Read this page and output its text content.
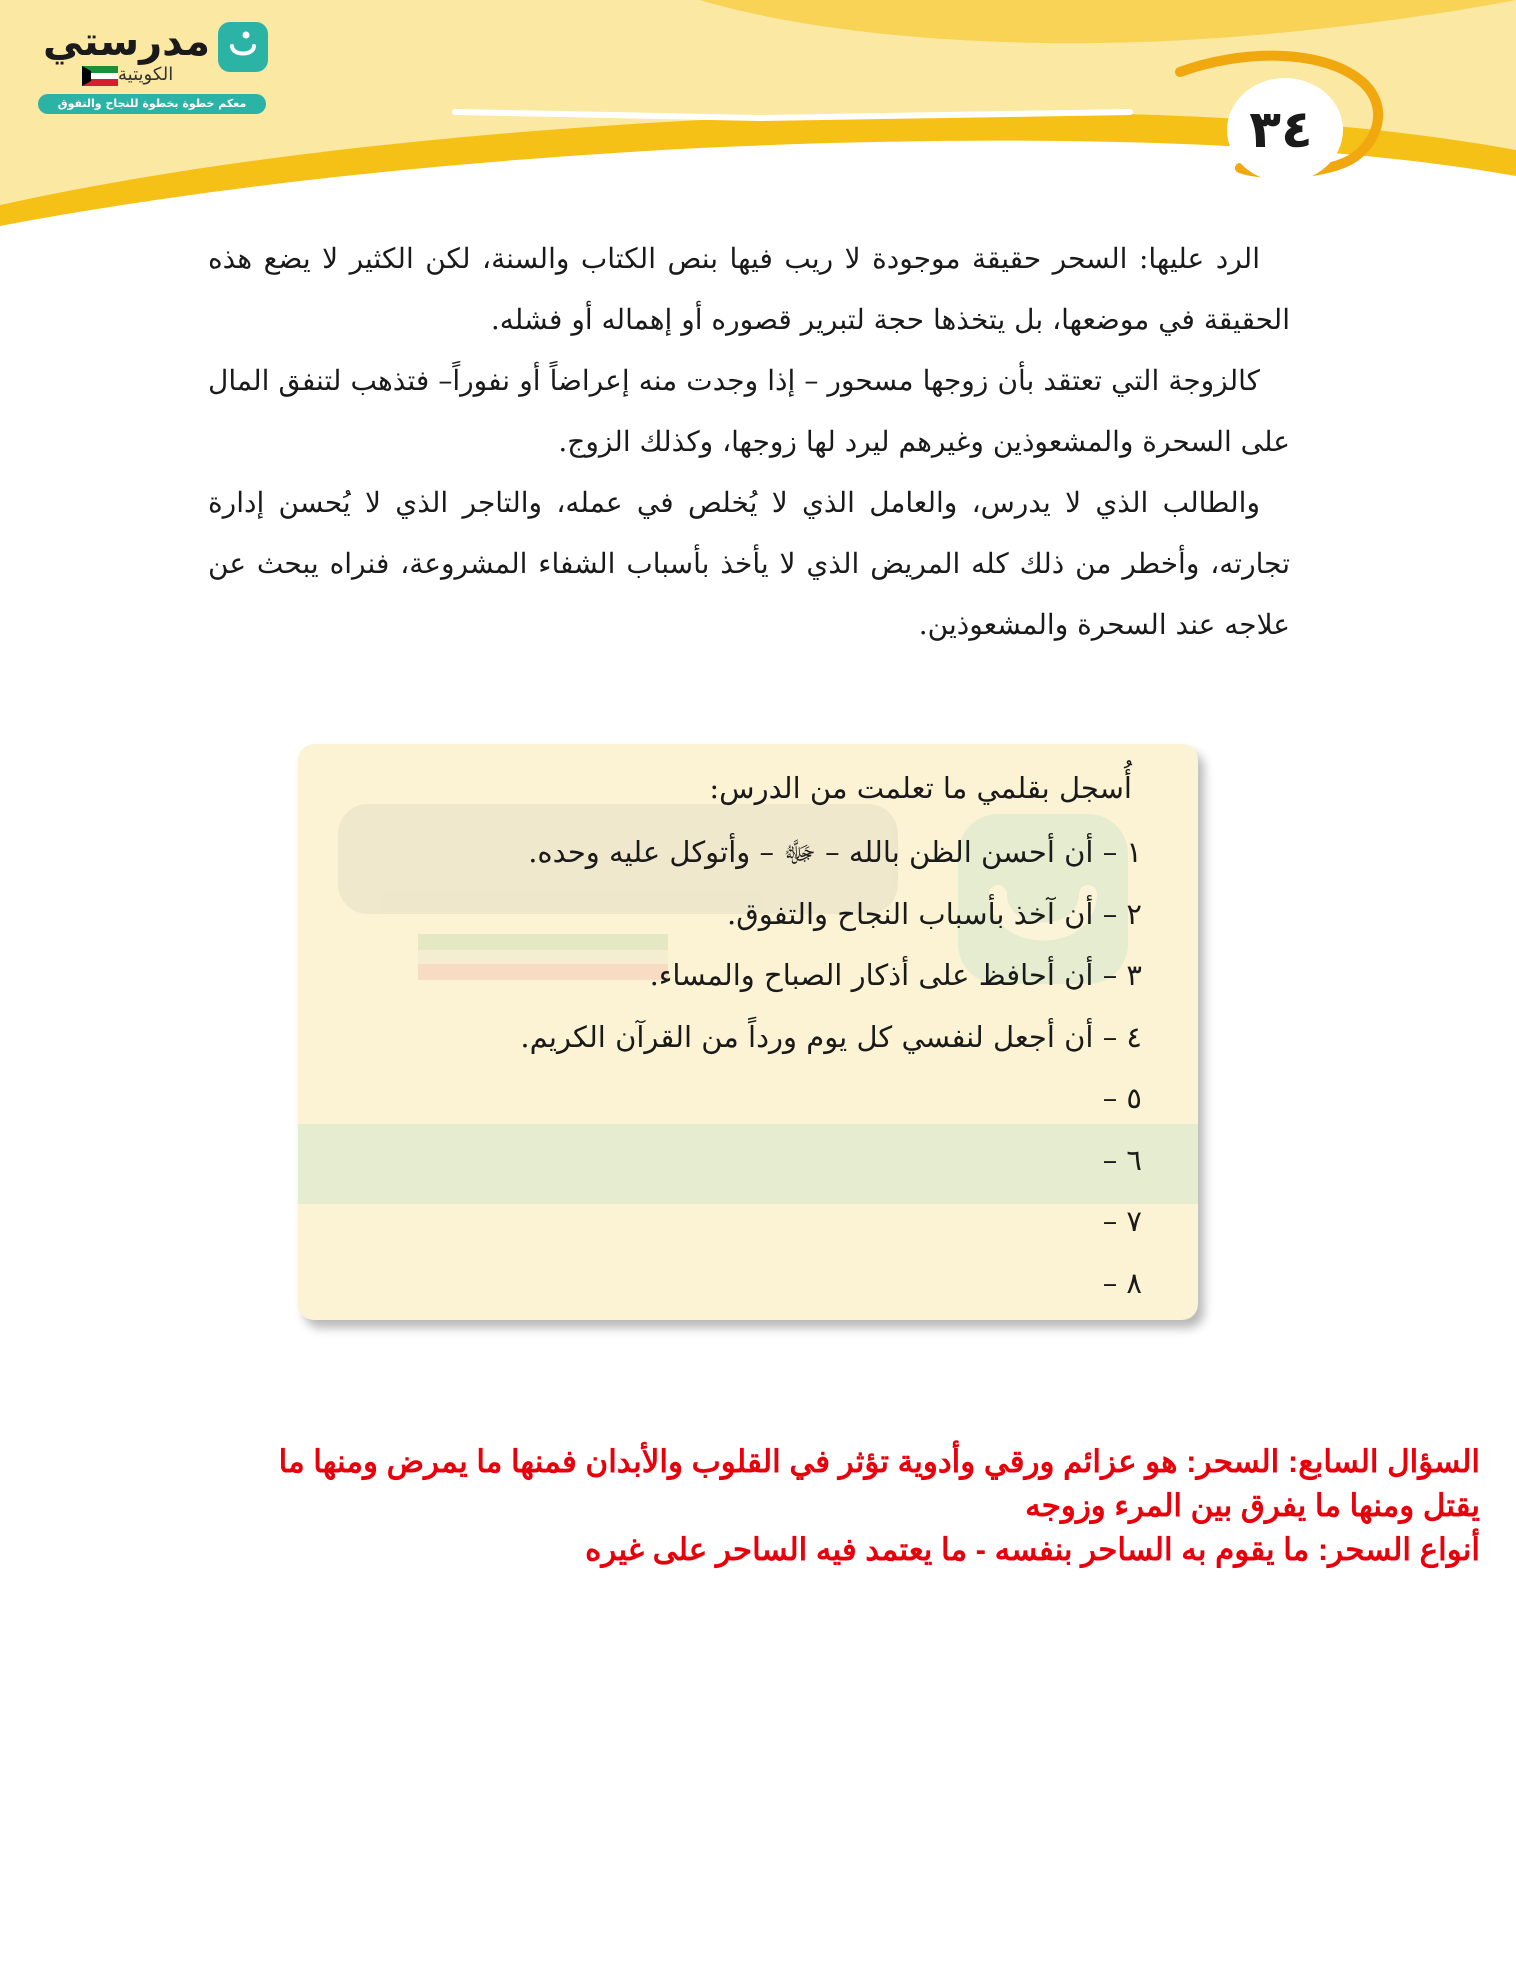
مدرستي
الكويتية
معكم خطوة بخطوة للنجاح والتفوق	٣٤

الرد عليها: السحر حقيقة موجودة لا ريب فيها بنص الكتاب والسنة، لكن الكثير لا يضع هذه الحقيقة في موضعها، بل يتخذها حجة لتبرير قصوره أو إهماله أو فشله.

كالزوجة التي تعتقد بأن زوجها مسحور – إذا وجدت منه إعراضاً أو نفوراً– فتذهب لتنفق المال على السحرة والمشعوذين وغيرهم ليرد لها زوجها، وكذلك الزوج.

والطالب الذي لا يدرس، والعامل الذي لا يُخلص في عمله، والتاجر الذي لا يُحسن إدارة تجارته، وأخطر من ذلك كله المريض الذي لا يأخذ بأسباب الشفاء المشروعة، فنراه يبحث عن علاجه عند السحرة والمشعوذين.

أُسجل بقلمي ما تعلمت من الدرس:
١ – أن أحسن الظن بالله – ﷻ – وأتوكل عليه وحده.
٢ – أن آخذ بأسباب النجاح والتفوق.
٣ – أن أحافظ على أذكار الصباح والمساء.
٤ – أن أجعل لنفسي كل يوم ورداً من القرآن الكريم.
٥ –
٦ –
٧ –
٨ –
السؤال السابع: السحر: هو عزائم ورقي وأدوية تؤثر في القلوب والأبدان فمنها ما يمرض ومنها ما
يقتل ومنها ما يفرق بين المرء وزوجه
أنواع السحر: ما يقوم به الساحر بنفسه - ما يعتمد فيه الساحر على غيره
